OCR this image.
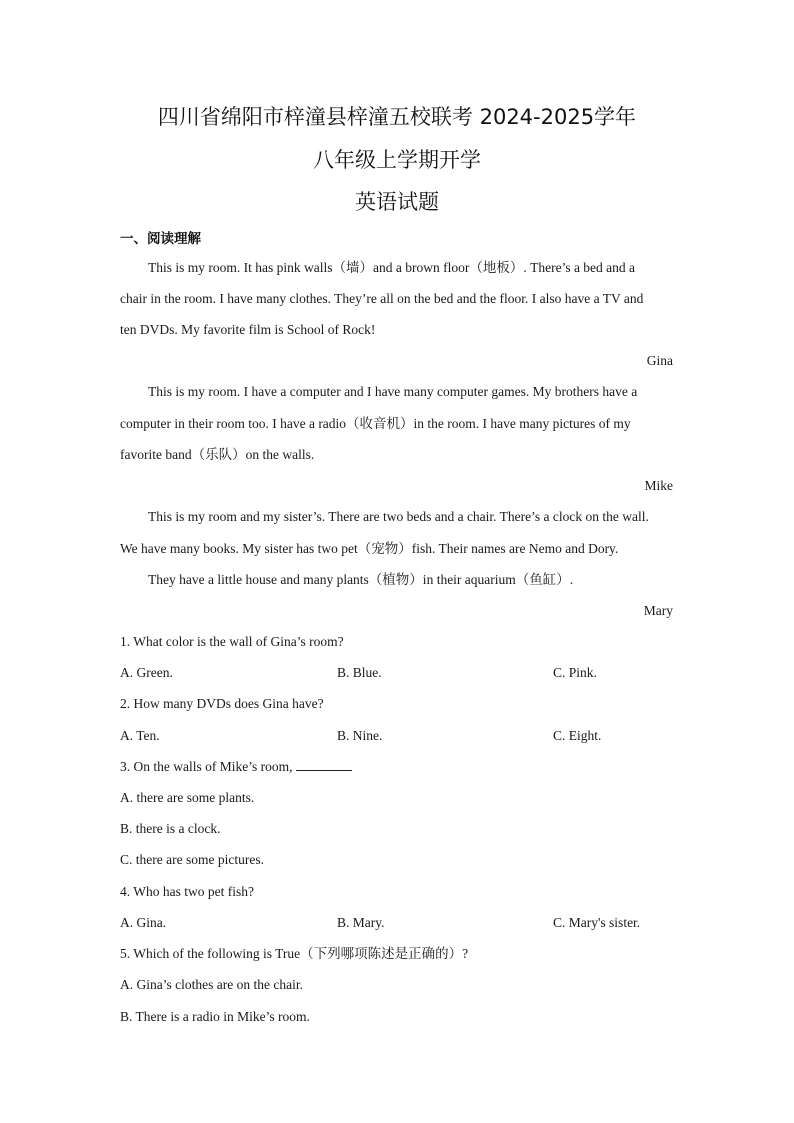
四川省绵阳市梓潼县梓潼五校联考 2024-2025学年
八年级上学期开学
英语试题
一、阅读理解
This is my room. It has pink walls（墙）and a brown floor（地板）. There’s a bed and a
chair in the room. I have many clothes. They’re all on the bed and the floor. I also have a TV and
ten DVDs. My favorite film is School of Rock!
Gina
This is my room. I have a computer and I have many computer games. My brothers have a
computer in their room too. I have a radio（收音机）in the room. I have many pictures of my
favorite band（乐队）on the walls.
Mike
This is my room and my sister’s. There are two beds and a chair. There’s a clock on the wall.
We have many books. My sister has two pet（宠物）fish. Their names are Nemo and Dory.
They have a little house and many plants（植物）in their aquarium（鱼缸）.
Mary
1. What color is the wall of Gina’s room?
A. Green.	B. Blue.	C. Pink.
2. How many DVDs does Gina have?
A. Ten.	B. Nine.	C. Eight.
3. On the walls of Mike’s room,
A. there are some plants.
B. there is a clock.
C. there are some pictures.
4. Who has two pet fish?
A. Gina.	B. Mary.	C. Mary's sister.
5. Which of the following is True（下列哪项陈述是正确的）?
A. Gina’s clothes are on the chair.
B. There is a radio in Mike’s room.
